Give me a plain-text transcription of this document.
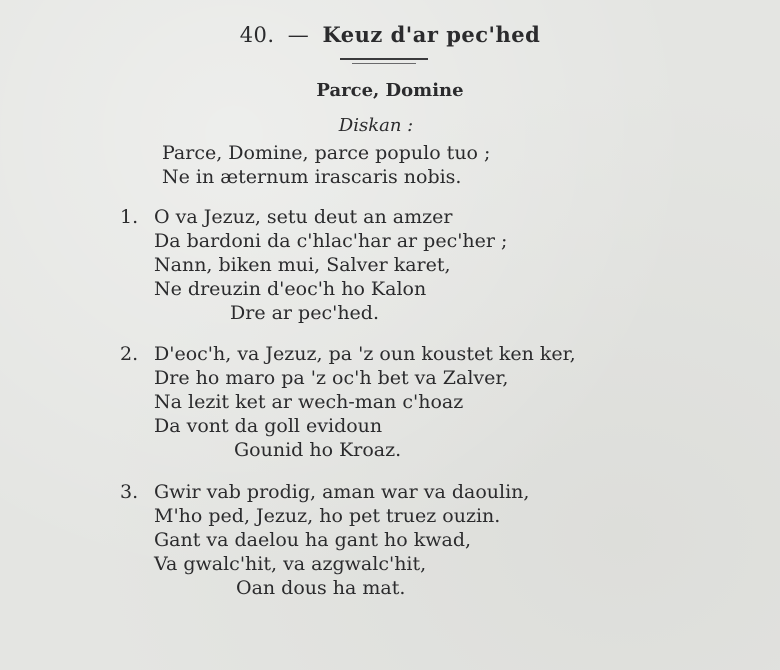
40. — Keuz d'ar pec'hed
Parce, Domine
Diskan :
Parce, Domine, parce populo tuo ;
Ne in æternum irascaris nobis.
1. O va Jezuz, setu deut an amzer
Da bardoni da c'hlac'har ar pec'her ;
Nann, biken mui, Salver karet,
Ne dreuzin d'eoc'h ho Kalon
Dre ar pec'hed.
2. D'eoc'h, va Jezuz, pa 'z oun koustet ken ker,
Dre ho maro pa 'z oc'h bet va Zalver,
Na lezit ket ar wech-man c'hoaz
Da vont da goll evidoun
Gounid ho Kroaz.
3. Gwir vab prodig, aman war va daoulin,
M'ho ped, Jezuz, ho pet truez ouzin.
Gant va daelou ha gant ho kwad,
Va gwalc'hit, va azgwalc'hit,
Oan dous ha mat.
